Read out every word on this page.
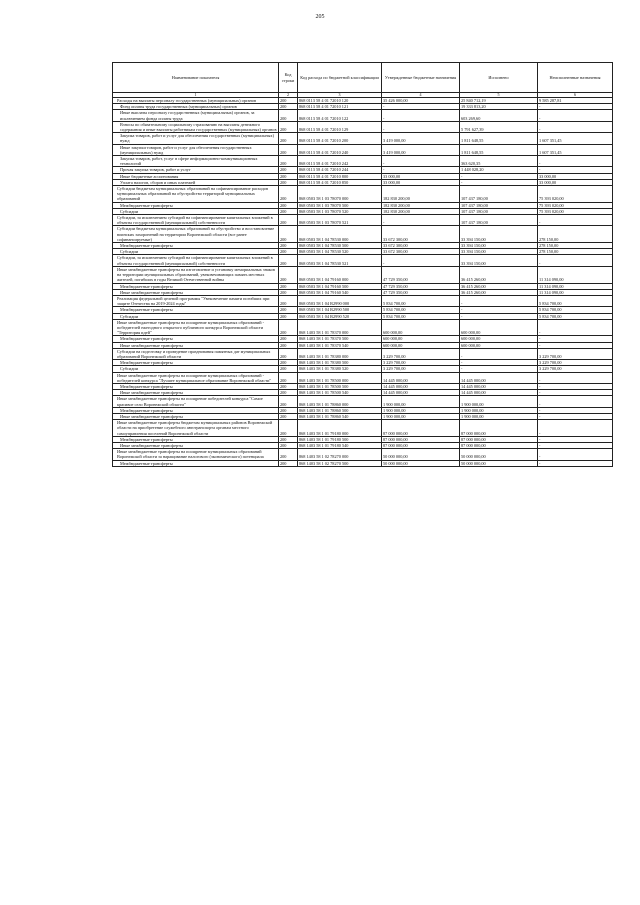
205
Наименование показателя	Код строки	Код расхода по бюджетной классификации	Утвержденные бюджетные назначения	Исполнено	Неисполненные назначения
1	2	3	4	5	6
Расходы на выплаты персоналу государственных (муниципальных) органов	200	868 0113 58 4 01 72010 120	35 426 000,00	25 840 712,19	9 585 287,81
Фонд оплаты труда государственных (муниципальных) органов	200	868 0113 58 4 01 72010 121	-	19 333 813,20	-
Иные выплаты персоналу государственных (муниципальных) органов, за исключением фонда оплаты труда	200	868 0113 58 4 01 72010 122	-	603 269,60	-
Взносы по обязательному социальному страхованию на выплаты денежного содержания и иные выплаты работникам государственных (муниципальных) органов	200	868 0113 58 4 01 72010 129	-	5 791 627,39	-
Закупка товаров, работ и услуг для обеспечения государственных (муниципальных) нужд	200	868 0113 58 4 01 72010 200	3 419 000,00	1 811 648,55	1 607 351,45
Иные закупки товаров, работ и услуг для обеспечения государственных (муниципальных) нужд	200	868 0113 58 4 01 72010 240	3 419 000,00	1 811 648,55	1 607 351,45
Закупка товаров, работ, услуг в сфере информационно-коммуникационных технологий	200	868 0113 58 4 01 72010 242	-	363 620,35	-
Прочая закупка товаров, работ и услуг	200	868 0113 58 4 01 72010 244	-	1 448 028,20	-
Иные бюджетные ассигнования	200	868 0113 58 4 01 72010 800	33 000,00	-	33 000,00
Уплата налогов, сборов и иных платежей	200	868 0113 58 4 01 72010 850	33 000,00	-	33 000,00
Субсидии бюджетам муниципальных образований на софинансирование расходов муниципальных образований на обустройство территорий муниципальных образований	200	868 0503 58 1 03 78070 000	182 830 200,00	107 437 180,00	75 393 020,00
Межбюджетные трансферты	200	868 0503 58 1 03 78070 500	182 830 200,00	107 437 180,00	75 393 020,00
Субсидии	200	868 0503 58 1 03 78070 520	182 830 200,00	107 437 180,00	75 393 020,00
Субсидии, за исключением субсидий на софинансирование капитальных вложений в объекты государственной (муниципальной) собственности	200	868 0503 58 1 03 78070 521	-	107 437 180,00	-
Субсидии бюджетам муниципальных образований на обустройство и восстановление воинских захоронений на территории Воронежской области (все ранее софинансируемые)	200	868 0503 58 1 04 78530 000	33 672 300,00	33 394 150,00	278 150,00
Межбюджетные трансферты	200	868 0503 58 1 04 78530 500	33 672 300,00	33 394 150,00	278 150,00
Субсидии	200	868 0503 58 1 04 78530 520	33 672 300,00	33 394 150,00	278 150,00
Субсидии, за исключением субсидий на софинансирование капитальных вложений в объекты государственной (муниципальной) собственности	200	868 0503 58 1 04 78530 521	-	33 394 150,00	-
Иные межбюджетные трансферты на изготовление и установку мемориальных знаков на территории муниципальных образований, увековечивающих память местных жителей, погибших в годы Великой Отечественной войны	200	868 0503 58 1 04 79160 000	47 729 350,00	36 415 260,00	11 314 090,00
Межбюджетные трансферты	200	868 0503 58 1 04 79160 500	47 729 350,00	36 415 260,00	11 314 090,00
Иные межбюджетные трансферты	200	868 0503 58 1 04 79160 540	47 729 350,00	36 415 260,00	11 314 090,00
Реализация федеральной целевой программы "Увековечение памяти погибших при защите Отечества на 2019-2024 годы"	200	868 0503 58 1 04 R2990 000	5 834 700,00	-	5 834 700,00
Межбюджетные трансферты	200	868 0503 58 1 04 R2990 500	5 834 700,00	-	5 834 700,00
Субсидии	200	868 0503 58 1 04 R2990 520	5 834 700,00	-	5 834 700,00
Иные межбюджетные трансферты на поощрение муниципальных образований - победителей ежегодного открытого публичного конкурса Воронежской области "Территория идей"	200	868 1403 58 1 01 78370 000	600 000,00	600 000,00	-
Межбюджетные трансферты	200	868 1403 58 1 01 78370 500	600 000,00	600 000,00	-
Иные межбюджетные трансферты	200	868 1403 58 1 01 78370 540	600 000,00	600 000,00	-
Субсидии на подготовку и проведение празднования памятных дат муниципальных образований Воронежской области	200	868 1403 58 1 01 78380 000	3 229 700,00	-	3 229 700,00
Межбюджетные трансферты	200	868 1403 58 1 01 78380 500	3 229 700,00	-	3 229 700,00
Субсидии	200	868 1403 58 1 01 78380 520	3 229 700,00	-	3 229 700,00
Иные межбюджетные трансферты на поощрение муниципальных образований - победителей конкурса "Лучшее муниципальное образование Воронежской области"	200	868 1403 58 1 01 78500 000	14 445 000,00	14 445 000,00	-
Межбюджетные трансферты	200	868 1403 58 1 01 78500 500	14 445 000,00	14 445 000,00	-
Иные межбюджетные трансферты	200	868 1403 58 1 01 78500 540	14 445 000,00	14 445 000,00	-
Иные межбюджетные трансферты на поощрение победителей конкурса "Самое красивое село Воронежской области"	200	868 1403 58 1 01 78860 000	1 900 000,00	1 900 000,00	-
Межбюджетные трансферты	200	868 1403 58 1 01 78860 500	1 900 000,00	1 900 000,00	-
Иные межбюджетные трансферты	200	868 1403 58 1 01 78860 540	1 900 000,00	1 900 000,00	-
Иные межбюджетные трансферты бюджетам муниципальных районов Воронежской области на приобретение служебного автотранспорта органам местного самоуправления поселений Воронежской области	200	868 1403 58 1 01 79180 000	87 000 000,00	87 000 000,00	-
Межбюджетные трансферты	200	868 1403 58 1 01 79180 500	87 000 000,00	87 000 000,00	-
Иные межбюджетные трансферты	200	868 1403 58 1 01 79180 540	87 000 000,00	87 000 000,00	-
Иные межбюджетные трансферты на поощрение муниципальных образований Воронежской области за наращивание налогового (экономического) потенциала	200	868 1403 58 1 02 78270 000	50 000 000,00	50 000 000,00	-
Межбюджетные трансферты	200	868 1403 58 1 02 78270 500	50 000 000,00	50 000 000,00	-
